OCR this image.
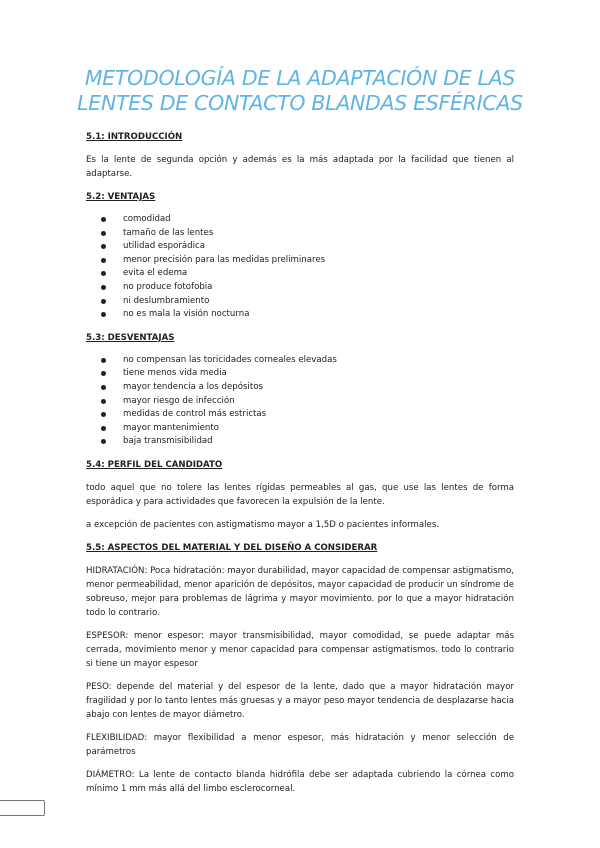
METODOLOGÍA DE LA ADAPTACIÓN DE LAS
LENTES DE CONTACTO BLANDAS ESFÉRICAS
5.1: INTRODUCCIÓN
Es la lente de segunda opción y además es la más adaptada por la facilidad que tienen al adaptarse.
5.2: VENTAJAS
comodidad
tamaño de las lentes
utilidad esporádica
menor precisión para las medidas preliminares
evita el edema
no produce fotofobia
ni deslumbramiento
no es mala la visión nocturna
5.3: DESVENTAJAS
no compensan las toricidades corneales elevadas
tiene menos vida media
mayor tendencia a los depósitos
mayor riesgo de infección
medidas de control más estrictas
mayor mantenimiento
baja transmisibilidad
5.4: PERFIL DEL CANDIDATO
todo aquel que no tolere las lentes rígidas permeables al gas, que use las lentes de forma esporádica y para actividades que favorecen la expulsión de la lente.
a excepción de pacientes con astigmatismo mayor a 1,5D o pacientes informales.
5.5: ASPECTOS DEL MATERIAL Y DEL DISEÑO A CONSIDERAR
HIDRATACIÓN: Poca hidratación: mayor durabilidad, mayor capacidad de compensar astigmatismo, menor permeabilidad, menor aparición de depósitos, mayor capacidad de producir un síndrome de sobreuso, mejor para problemas de lágrima y mayor movimiento. por lo que a mayor hidratación todo lo contrario.
ESPESOR: menor espesor: mayor transmisibilidad, mayor comodidad, se puede adaptar más cerrada, movimiento menor y menor capacidad para compensar astigmatismos. todo lo contrario si tiene un mayor espesor
PESO: depende del material y del espesor de la lente, dado que a mayor hidratación mayor fragilidad y por lo tanto lentes más gruesas y a mayor peso mayor tendencia de desplazarse hacia abajo con lentes de mayor diámetro.
FLEXIBILIDAD: mayor flexibilidad a menor espesor, más hidratación y menor selección de parámetros
DIÁMETRO: La lente de contacto blanda hidrófila debe ser adaptada cubriendo la córnea como mínimo 1 mm más allá del limbo esclerocorneal.
